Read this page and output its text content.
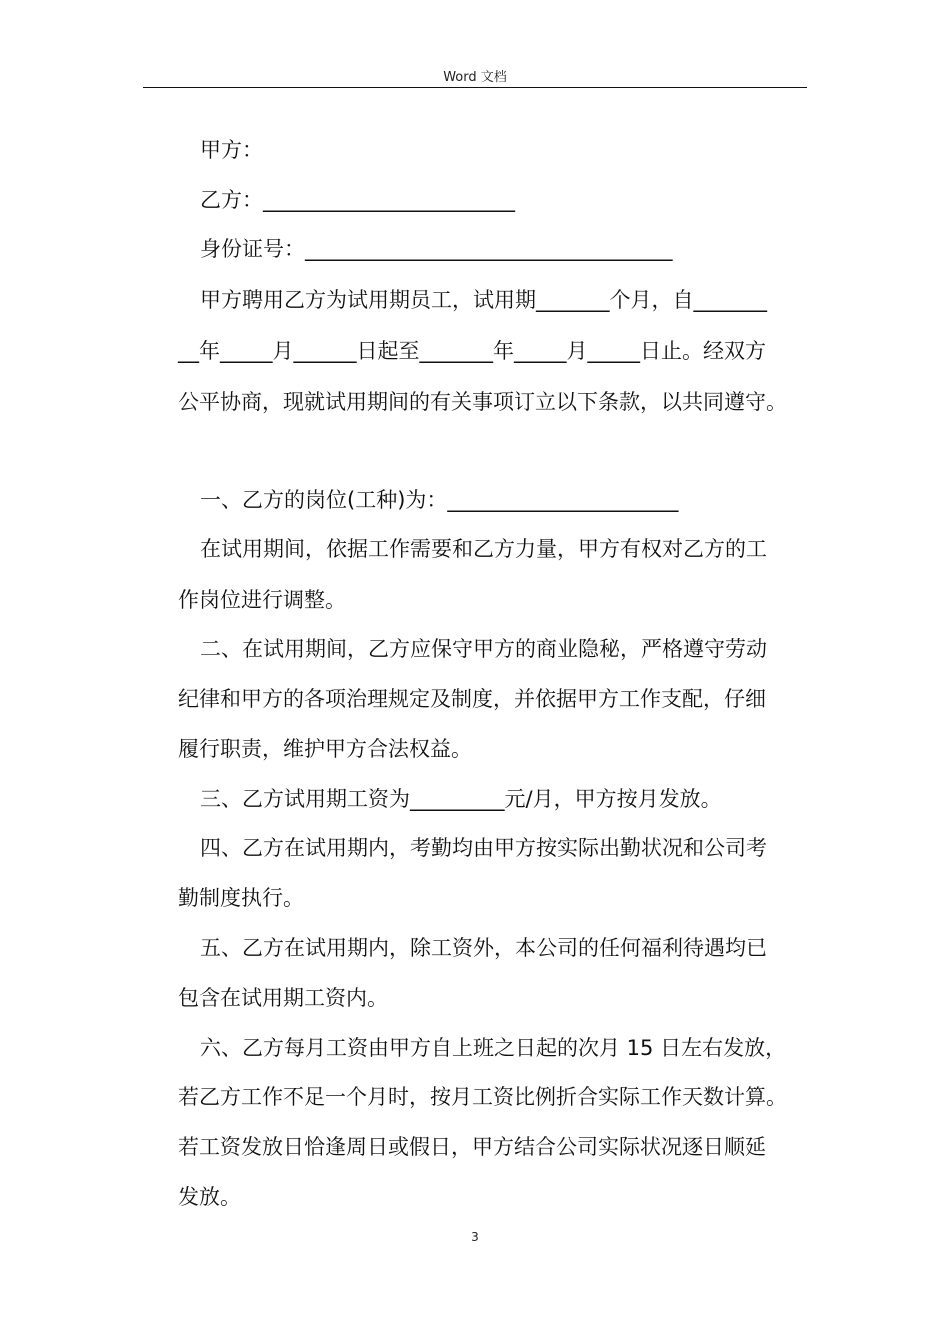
Word 文档
甲方：
乙方：________________________
身份证号：___________________________________
甲方聘用乙方为试用期员工，试用期_______个月，自_______
__年_____月______日起至_______年_____月_____日止。经双方
公平协商，现就试用期间的有关事项订立以下条款，以共同遵守。
一、乙方的岗位(工种)为：______________________
在试用期间，依据工作需要和乙方力量，甲方有权对乙方的工
作岗位进行调整。
二、在试用期间，乙方应保守甲方的商业隐秘，严格遵守劳动
纪律和甲方的各项治理规定及制度，并依据甲方工作支配，仔细
履行职责，维护甲方合法权益。
三、乙方试用期工资为_________元/月，甲方按月发放。
四、乙方在试用期内，考勤均由甲方按实际出勤状况和公司考
勤制度执行。
五、乙方在试用期内，除工资外，本公司的任何福利待遇均已
包含在试用期工资内。
六、乙方每月工资由甲方自上班之日起的次月 15 日左右发放，
若乙方工作不足一个月时，按月工资比例折合实际工作天数计算。
若工资发放日恰逢周日或假日，甲方结合公司实际状况逐日顺延
发放。
3
